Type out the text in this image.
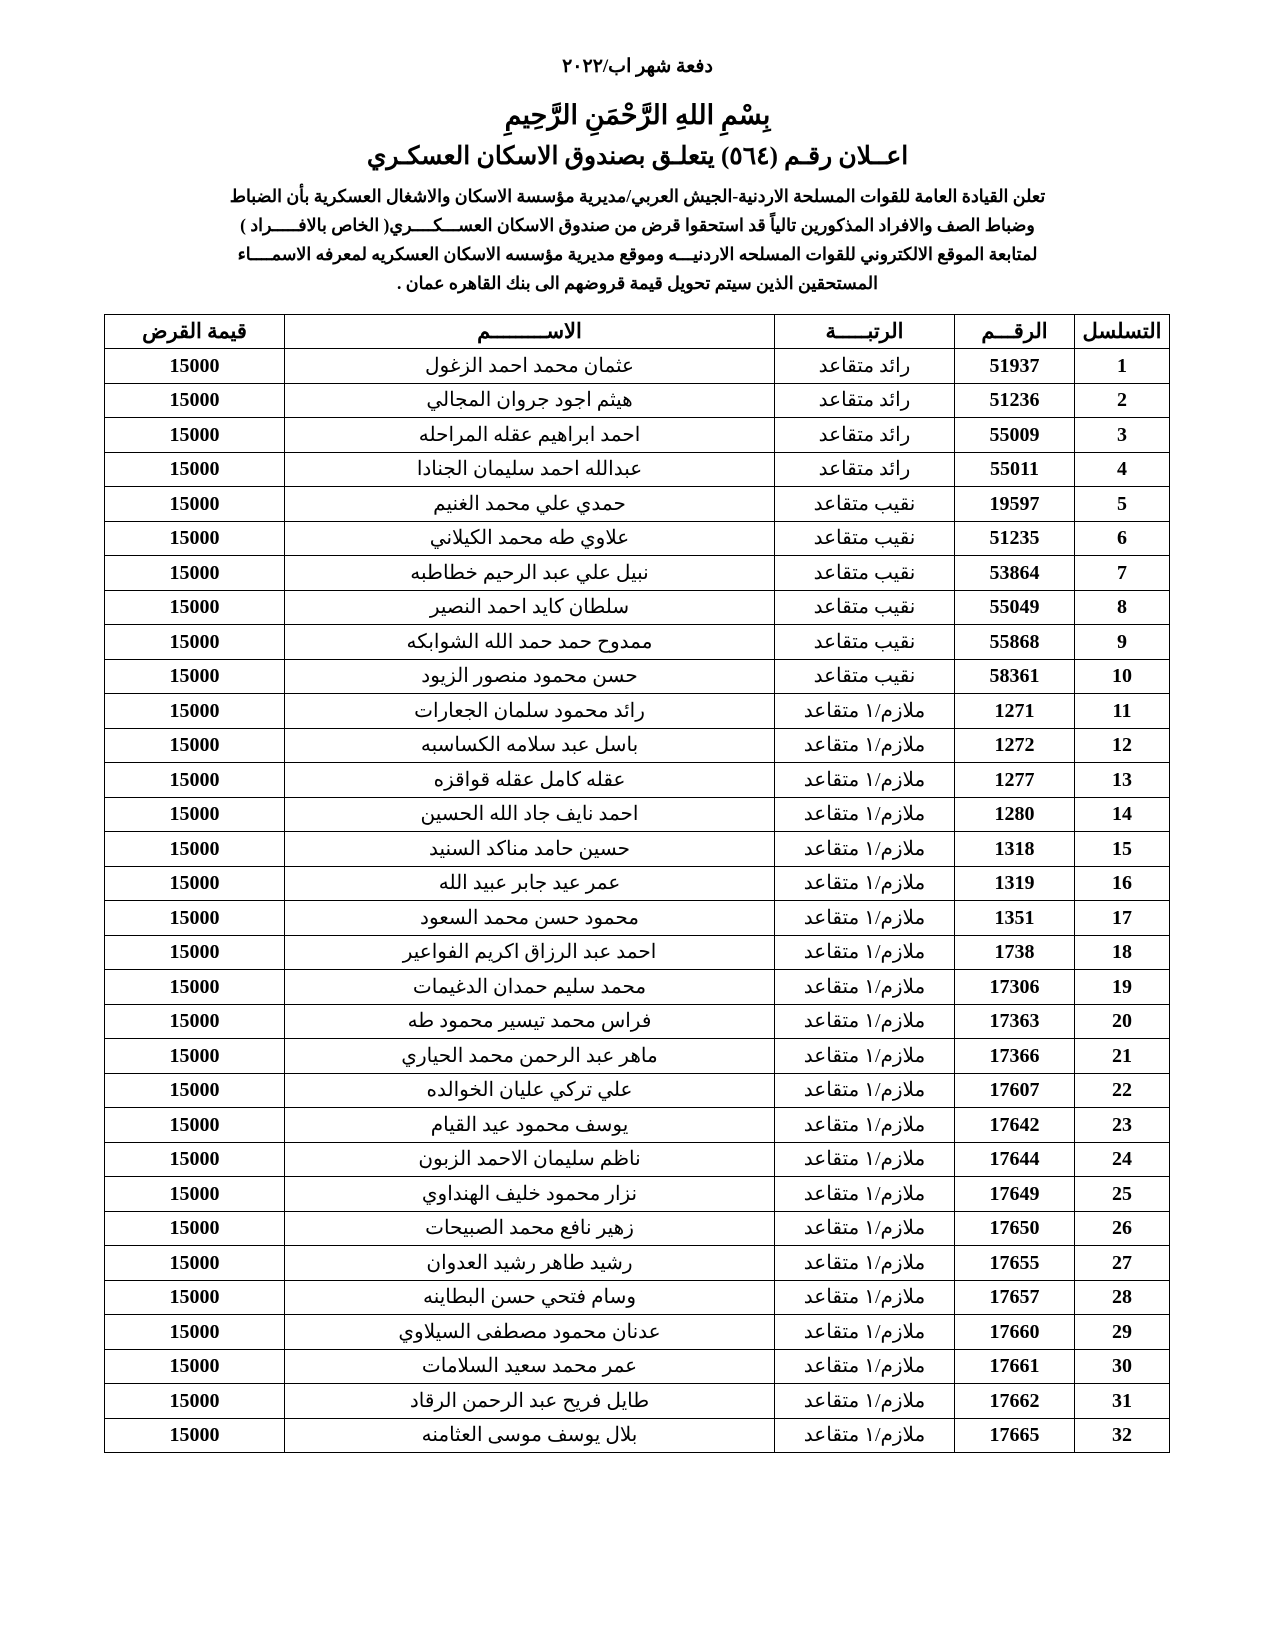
دفعة شهر اب/٢٠٢٢
بِسْمِ اللهِ الرَّحْمَنِ الرَّحِيمِ
اعــلان رقـم (٥٦٤) يتعلـق بصندوق الاسكان العسكـري

تعلن القيادة العامة للقوات المسلحة الاردنية-الجيش العربي/مديرية مؤسسة الاسكان والاشغال العسكرية بأن الضباط

وضباط الصف والافراد المذكورين تالياً قد استحقوا قرض من صندوق الاسكان العســـكــــري( الخاص بالافـــــراد )

لمتابعة الموقع الالكتروني للقوات المسلحه الاردنيـــه وموقع مديرية مؤسسه الاسكان العسكريه لمعرفه الاسمــــاء

المستحقين الذين سيتم تحويل قيمة قروضهم الى بنك القاهره عمان .

التسلسل	الرقـــم	الرتبـــــة	الاســـــــــم	قيمة القرض
1	51937	رائد متقاعد	عثمان محمد احمد الزغول	15000
2	51236	رائد متقاعد	هيثم اجود جروان المجالي	15000
3	55009	رائد متقاعد	احمد ابراهيم عقله المراحله	15000
4	55011	رائد متقاعد	عبدالله احمد سليمان الجنادا	15000
5	19597	نقيب متقاعد	حمدي علي محمد الغنيم	15000
6	51235	نقيب متقاعد	علاوي طه محمد الكيلاني	15000
7	53864	نقيب متقاعد	نبيل علي عبد الرحيم خطاطبه	15000
8	55049	نقيب متقاعد	سلطان كايد احمد النصير	15000
9	55868	نقيب متقاعد	ممدوح حمد حمد الله الشوابكه	15000
10	58361	نقيب متقاعد	حسن محمود منصور الزيود	15000
11	1271	ملازم/١ متقاعد	رائد محمود سلمان الجعارات	15000
12	1272	ملازم/١ متقاعد	باسل عبد سلامه الكساسبه	15000
13	1277	ملازم/١ متقاعد	عقله كامل عقله قواقزه	15000
14	1280	ملازم/١ متقاعد	احمد نايف جاد الله الحسين	15000
15	1318	ملازم/١ متقاعد	حسين حامد مناكد السنيد	15000
16	1319	ملازم/١ متقاعد	عمر عيد جابر عبيد الله	15000
17	1351	ملازم/١ متقاعد	محمود حسن محمد السعود	15000
18	1738	ملازم/١ متقاعد	احمد عبد الرزاق اكريم الفواعير	15000
19	17306	ملازم/١ متقاعد	محمد سليم حمدان الدغيمات	15000
20	17363	ملازم/١ متقاعد	فراس محمد تيسير محمود طه	15000
21	17366	ملازم/١ متقاعد	ماهر عبد الرحمن محمد الحياري	15000
22	17607	ملازم/١ متقاعد	علي تركي عليان الخوالده	15000
23	17642	ملازم/١ متقاعد	يوسف محمود عيد القيام	15000
24	17644	ملازم/١ متقاعد	ناظم سليمان الاحمد الزبون	15000
25	17649	ملازم/١ متقاعد	نزار محمود خليف الهنداوي	15000
26	17650	ملازم/١ متقاعد	زهير نافع محمد الصبيحات	15000
27	17655	ملازم/١ متقاعد	رشيد طاهر رشيد العدوان	15000
28	17657	ملازم/١ متقاعد	وسام فتحي حسن البطاينه	15000
29	17660	ملازم/١ متقاعد	عدنان محمود مصطفى السيلاوي	15000
30	17661	ملازم/١ متقاعد	عمر محمد سعيد السلامات	15000
31	17662	ملازم/١ متقاعد	طايل فريح عبد الرحمن الرقاد	15000
32	17665	ملازم/١ متقاعد	بلال يوسف موسى العثامنه	15000
